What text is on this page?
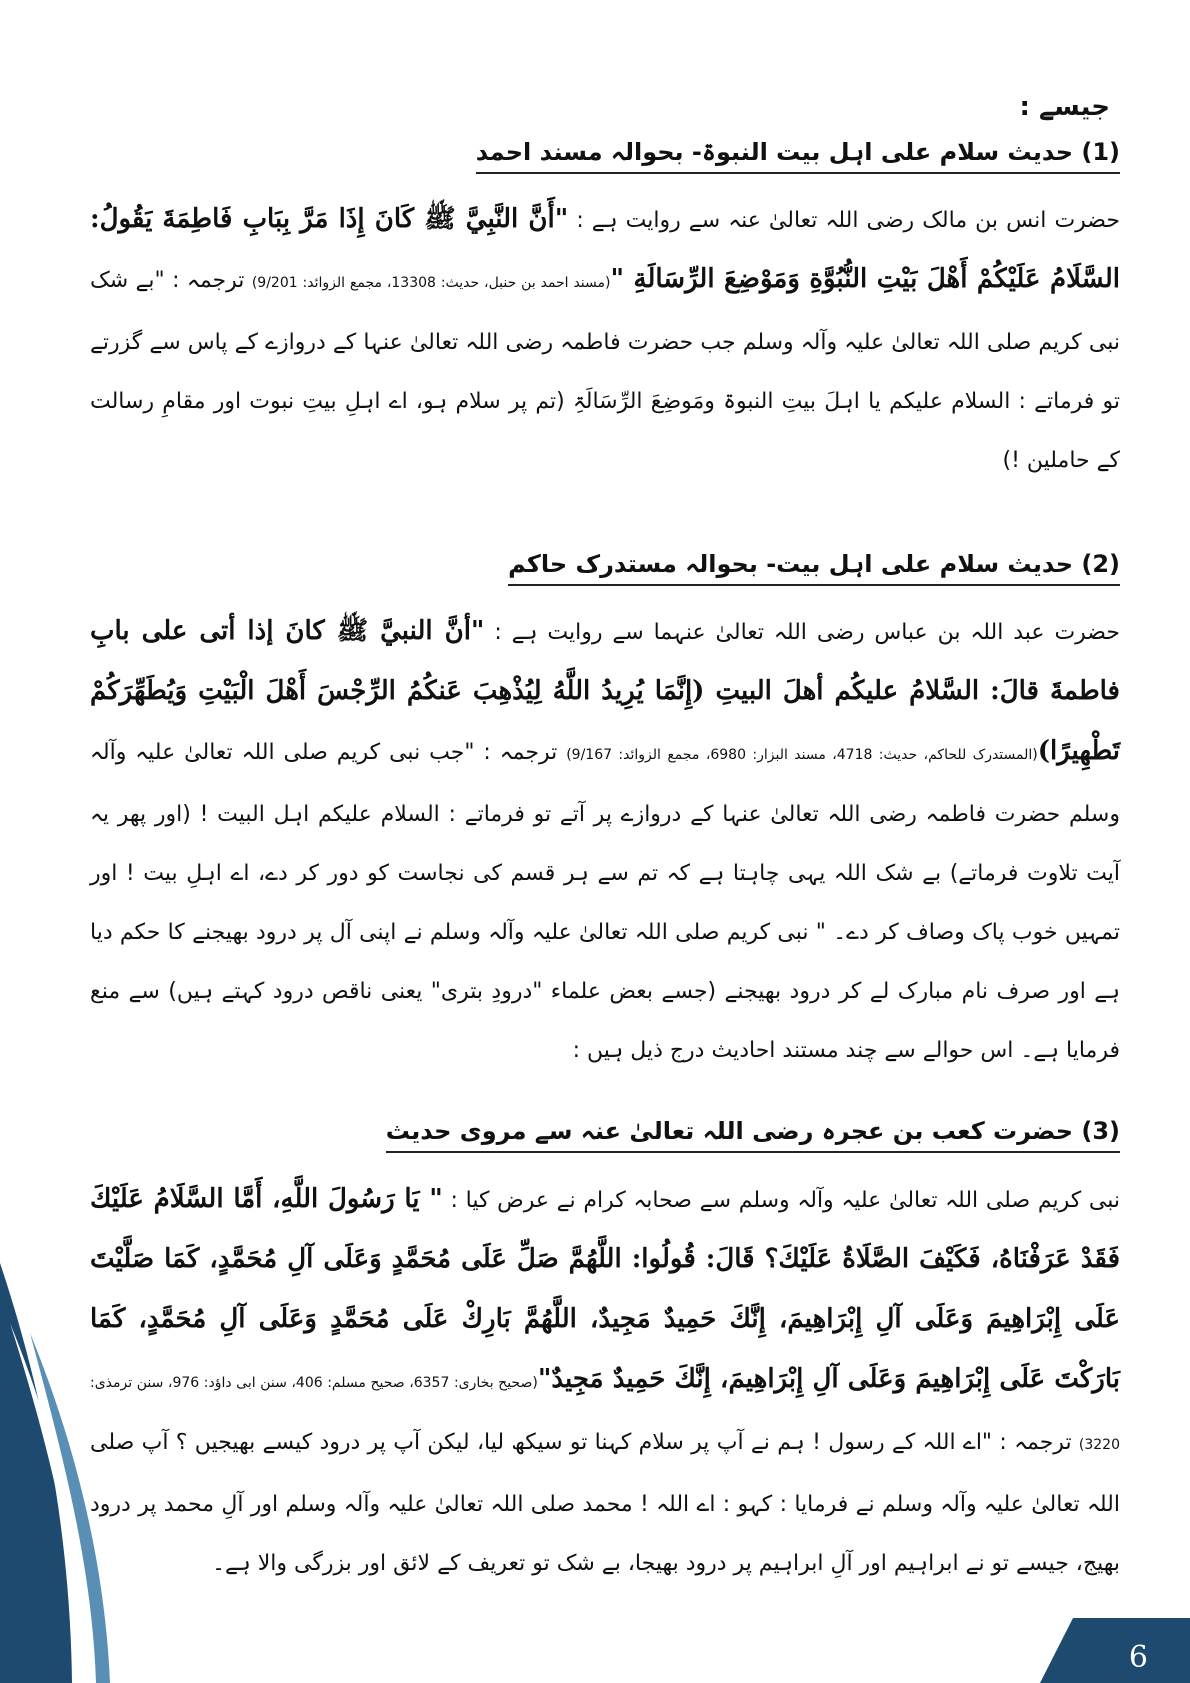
جیسے :
(1) حدیث سلام علی اہل بیت النبوۃ- بحوالہ مسند احمد
حضرت انس بن مالک رضی اللہ تعالیٰ عنہ سے روایت ہے : "أَنَّ النَّبِيَّ ﷺ كَانَ إِذَا مَرَّ بِبَابِ فَاطِمَةَ يَقُولُ: السَّلَامُ عَلَيْكُمْ أَهْلَ بَيْتِ النُّبُوَّةِ وَمَوْضِعَ الرِّسَالَةِ "(مسند احمد بن حنبل، حدیث: 13308، مجمع الزوائد: 9/201) ترجمہ : "بے شک نبی کریم صلی اللہ تعالیٰ علیہ وآلہ وسلم جب حضرت فاطمہ رضی اللہ تعالیٰ عنہا کے دروازے کے پاس سے گزرتے تو فرماتے : السلام علیکم یا اہلَ بیتِ النبوۃ ومَوضِعَ الرِّسَالَۃِ (تم پر سلام ہو، اے اہلِ بیتِ نبوت اور مقامِ رسالت کے حاملین !)
(2) حدیث سلام علی اہل بیت- بحوالہ مستدرک حاکم
حضرت عبد اللہ بن عباس رضی اللہ تعالیٰ عنہما سے روایت ہے : "أنَّ النبيَّ ﷺ كانَ إذا أتى على بابِ فاطمةَ قالَ: السَّلامُ عليكُم أهلَ البيتِ (إِنَّمَا يُرِيدُ اللَّهُ لِيُذْهِبَ عَنكُمُ الرِّجْسَ أَهْلَ الْبَيْتِ وَيُطَهِّرَكُمْ تَطْهِيرًا)(المستدرک للحاکم، حدیث: 4718، مسند البزار: 6980، مجمع الزوائد: 9/167) ترجمہ : "جب نبی کریم صلی اللہ تعالیٰ علیہ وآلہ وسلم حضرت فاطمہ رضی اللہ تعالیٰ عنہا کے دروازے پر آتے تو فرماتے : السلام علیکم اہل البیت ! (اور پھر یہ آیت تلاوت فرماتے) بے شک اللہ یہی چاہتا ہے کہ تم سے ہر قسم کی نجاست کو دور کر دے، اے اہلِ بیت ! اور تمہیں خوب پاک وصاف کر دے۔ " نبی کریم صلی اللہ تعالیٰ علیہ وآلہ وسلم نے اپنی آل پر درود بھیجنے کا حکم دیا ہے اور صرف نام مبارک لے کر درود بھیجنے (جسے بعض علماء "درودِ بتری" یعنی ناقص درود کہتے ہیں) سے منع فرمایا ہے۔ اس حوالے سے چند مستند احادیث درج ذیل ہیں :
(3) حضرت کعب بن عجرہ رضی اللہ تعالیٰ عنہ سے مروی حدیث
نبی کریم صلی اللہ تعالیٰ علیہ وآلہ وسلم سے صحابہ کرام نے عرض کیا : " يَا رَسُولَ اللَّهِ، أَمَّا السَّلَامُ عَلَيْكَ فَقَدْ عَرَفْنَاهُ، فَكَيْفَ الصَّلَاةُ عَلَيْكَ؟ قَالَ: قُولُوا: اللَّهُمَّ صَلِّ عَلَى مُحَمَّدٍ وَعَلَى آلِ مُحَمَّدٍ، كَمَا صَلَّيْتَ عَلَى إِبْرَاهِيمَ وَعَلَى آلِ إِبْرَاهِيمَ، إِنَّكَ حَمِيدٌ مَجِيدٌ، اللَّهُمَّ بَارِكْ عَلَى مُحَمَّدٍ وَعَلَى آلِ مُحَمَّدٍ، كَمَا بَارَكْتَ عَلَى إِبْرَاهِيمَ وَعَلَى آلِ إِبْرَاهِيمَ، إِنَّكَ حَمِيدٌ مَجِيدٌ"(صحیح بخاری: 6357، صحیح مسلم: 406، سنن ابی داؤد: 976، سنن ترمذی: 3220) ترجمہ : "اے اللہ کے رسول ! ہم نے آپ پر سلام کہنا تو سیکھ لیا، لیکن آپ پر درود کیسے بھیجیں ؟ آپ صلی اللہ تعالیٰ علیہ وآلہ وسلم نے فرمایا : کہو : اے اللہ ! محمد صلی اللہ تعالیٰ علیہ وآلہ وسلم اور آلِ محمد پر درود بھیج، جیسے تو نے ابراہیم اور آلِ ابراہیم پر درود بھیجا، بے شک تو تعریف کے لائق اور بزرگی والا ہے۔
6
